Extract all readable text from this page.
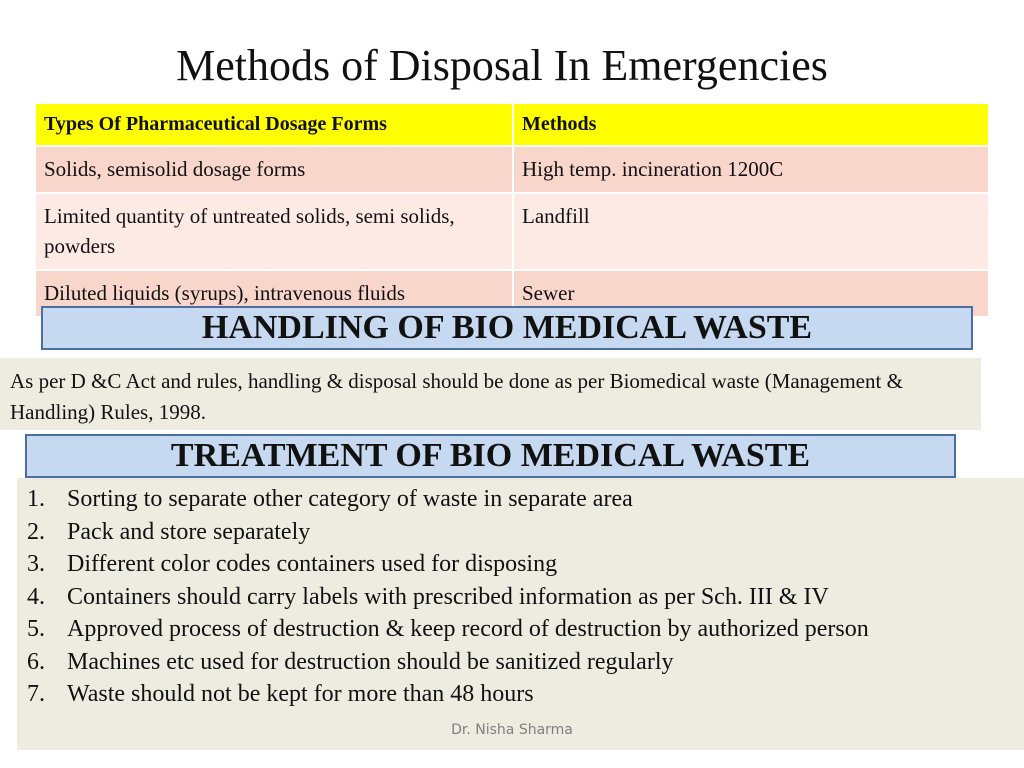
Methods of Disposal In Emergencies
Types Of Pharmaceutical Dosage Forms	Methods
Solids, semisolid dosage forms	High temp. incineration 1200C
Limited quantity of untreated solids, semi solids, powders	Landfill
Diluted liquids (syrups), intravenous fluids	Sewer
HANDLING OF BIO MEDICAL WASTE
As per D &C Act and rules, handling & disposal should be done as per Biomedical waste (Management & Handling) Rules, 1998.
TREATMENT OF BIO MEDICAL WASTE
1. Sorting to separate other category of waste in separate area
2. Pack and store separately
3. Different color codes containers used for disposing
4. Containers should carry labels with prescribed information as per Sch. III & IV
5. Approved process of destruction & keep record of destruction by authorized person
6. Machines etc used for destruction should be sanitized regularly
7. Waste should not be kept for more than 48 hours
Dr. Nisha Sharma
